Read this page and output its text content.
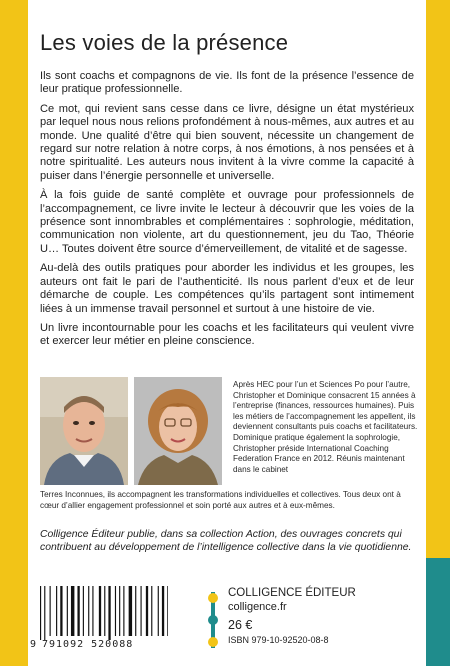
Les voies de la présence

Ils sont coachs et compagnons de vie. Ils font de la présence l’essence de leur pratique professionnelle.

Ce mot, qui revient sans cesse dans ce livre, désigne un état mystérieux par lequel nous nous relions profondément à nous-mêmes, aux autres et au monde. Une qualité d’être qui bien souvent, nécessite un changement de regard sur notre relation à notre corps, à nos émotions, à nos pensées et à notre spiritualité. Les auteurs nous invitent à la vivre comme la capacité à puiser dans l’énergie personnelle et universelle.

À la fois guide de santé complète et ouvrage pour professionnels de l’accompagnement, ce livre invite le lecteur à découvrir que les voies de la présence sont innombrables et complémentaires : sophrologie, méditation, communication non violente, art du questionnement, jeu du Tao, Théorie U… Toutes doivent être source d’émerveillement, de vitalité et de sagesse.

Au-delà des outils pratiques pour aborder les individus et les groupes, les auteurs ont fait le pari de l’authenticité. Ils nous parlent d’eux et de leur démarche de couple. Les compétences qu’ils partagent sont intimement liées à un immense travail personnel et surtout à une histoire de vie.

Un livre incontournable pour les coachs et les facilitateurs qui veulent vivre et exercer leur métier en pleine conscience.

Après HEC pour l’un et Sciences Po pour l’autre, Christopher et Dominique consacrent 15 années à l’entreprise (finances, ressources humaines). Puis les métiers de l’accompagnement les appellent, ils deviennent consultants puis coachs et facilitateurs. Dominique pratique également la sophrologie, Christopher préside International Coaching Federation France en 2012. Réunis maintenant dans le cabinet
Terres Inconnues, ils accompagnent les transformations individuelles et collectives. Tous deux ont à cœur d’allier engagement professionnel et soin porté aux autres et à eux-mêmes.
Colligence Éditeur publie, dans sa collection Action, des ouvrages concrets qui contribuent au développement de l’intelligence collective dans la vie quotidienne.
9 791092 520088
COLLIGENCE ÉDITEUR
colligence.fr
26 €
ISBN 979-10-92520-08-8
